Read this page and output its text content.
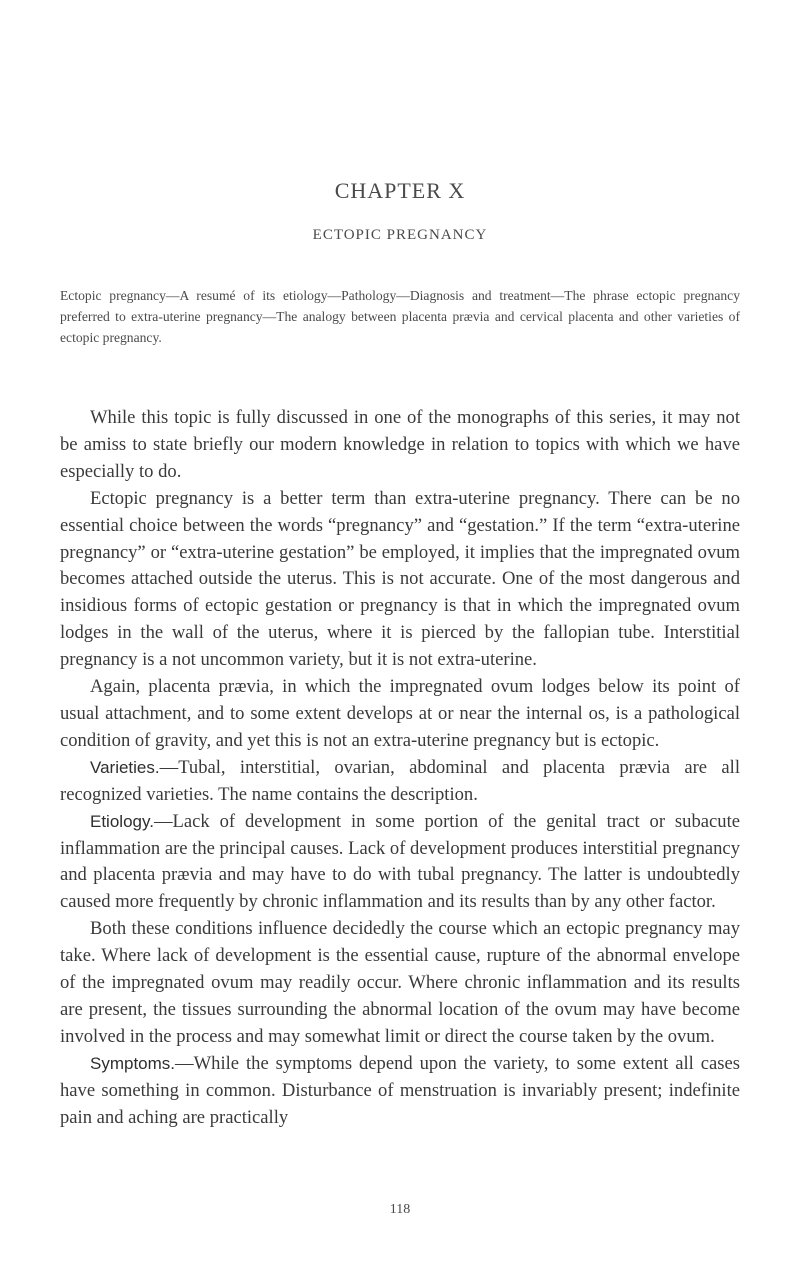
CHAPTER X
ECTOPIC PREGNANCY
Ectopic pregnancy—A resumé of its etiology—Pathology—Diagnosis and treatment—The phrase ectopic pregnancy preferred to extra-uterine pregnancy—The analogy between placenta prævia and cervical placenta and other varieties of ectopic pregnancy.

While this topic is fully discussed in one of the monographs of this series, it may not be amiss to state briefly our modern knowledge in relation to topics with which we have especially to do.

Ectopic pregnancy is a better term than extra-uterine pregnancy. There can be no essential choice between the words “pregnancy” and “gestation.” If the term “extra-uterine pregnancy” or “extra-uterine gestation” be employed, it implies that the impregnated ovum becomes attached outside the uterus. This is not accurate. One of the most dangerous and insidious forms of ectopic gestation or pregnancy is that in which the impregnated ovum lodges in the wall of the uterus, where it is pierced by the fallopian tube. Interstitial pregnancy is a not uncommon variety, but it is not extra-uterine.

Again, placenta prævia, in which the impregnated ovum lodges below its point of usual attachment, and to some extent develops at or near the internal os, is a pathological condition of gravity, and yet this is not an extra-uterine pregnancy but is ectopic.

Varieties.—Tubal, interstitial, ovarian, abdominal and placenta prævia are all recognized varieties. The name contains the description.

Etiology.—Lack of development in some portion of the genital tract or subacute inflammation are the principal causes. Lack of development produces interstitial pregnancy and placenta prævia and may have to do with tubal pregnancy. The latter is undoubtedly caused more frequently by chronic inflammation and its results than by any other factor.

Both these conditions influence decidedly the course which an ectopic pregnancy may take. Where lack of development is the essential cause, rupture of the abnormal envelope of the impregnated ovum may readily occur. Where chronic inflammation and its results are present, the tissues surrounding the abnormal location of the ovum may have become involved in the process and may somewhat limit or direct the course taken by the ovum.

Symptoms.—While the symptoms depend upon the variety, to some extent all cases have something in common. Disturbance of menstruation is invariably present; indefinite pain and aching are practically

118
